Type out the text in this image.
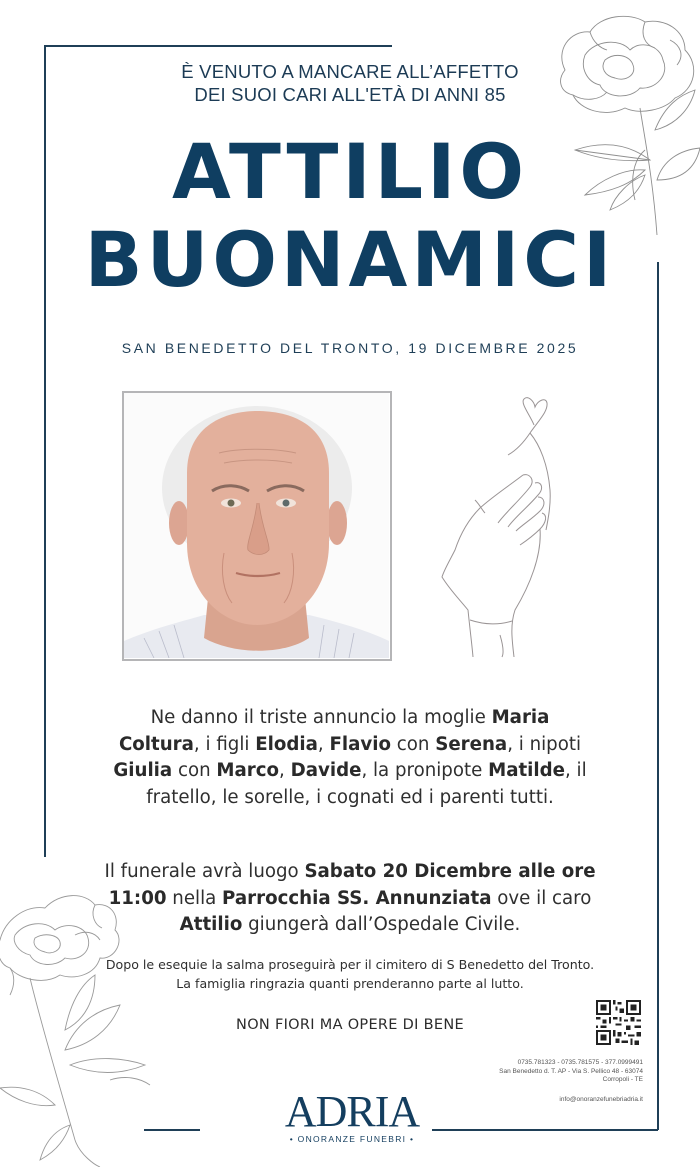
È VENUTO A MANCARE ALL’AFFETTO
DEI SUOI CARI ALL'ETÀ DI ANNI 85
ATTILIO
BUONAMICI
SAN BENEDETTO DEL TRONTO, 19 DICEMBRE 2025
Ne danno il triste annuncio la moglie Maria Coltura, i figli Elodia, Flavio con Serena, i nipoti Giulia con Marco, Davide, la pronipote Matilde, il fratello, le sorelle, i cognati ed i parenti tutti.
Il funerale avrà luogo Sabato 20 Dicembre alle ore 11:00 nella Parrocchia SS. Annunziata ove il caro Attilio giungerà dall’Ospedale Civile.
Dopo le esequie la salma proseguirà per il cimitero di S Benedetto del Tronto.
La famiglia ringrazia quanti prenderanno parte al lutto.
NON FIORI MA OPERE DI BENE
0735.781323 - 0735.781575 - 377.0999491
San Benedetto d. T. AP - Via S. Pellico 48 - 63074
Corropoli - TE
info@onoranzefunebriadria.it
ADRIA
• ONORANZE FUNEBRI •
